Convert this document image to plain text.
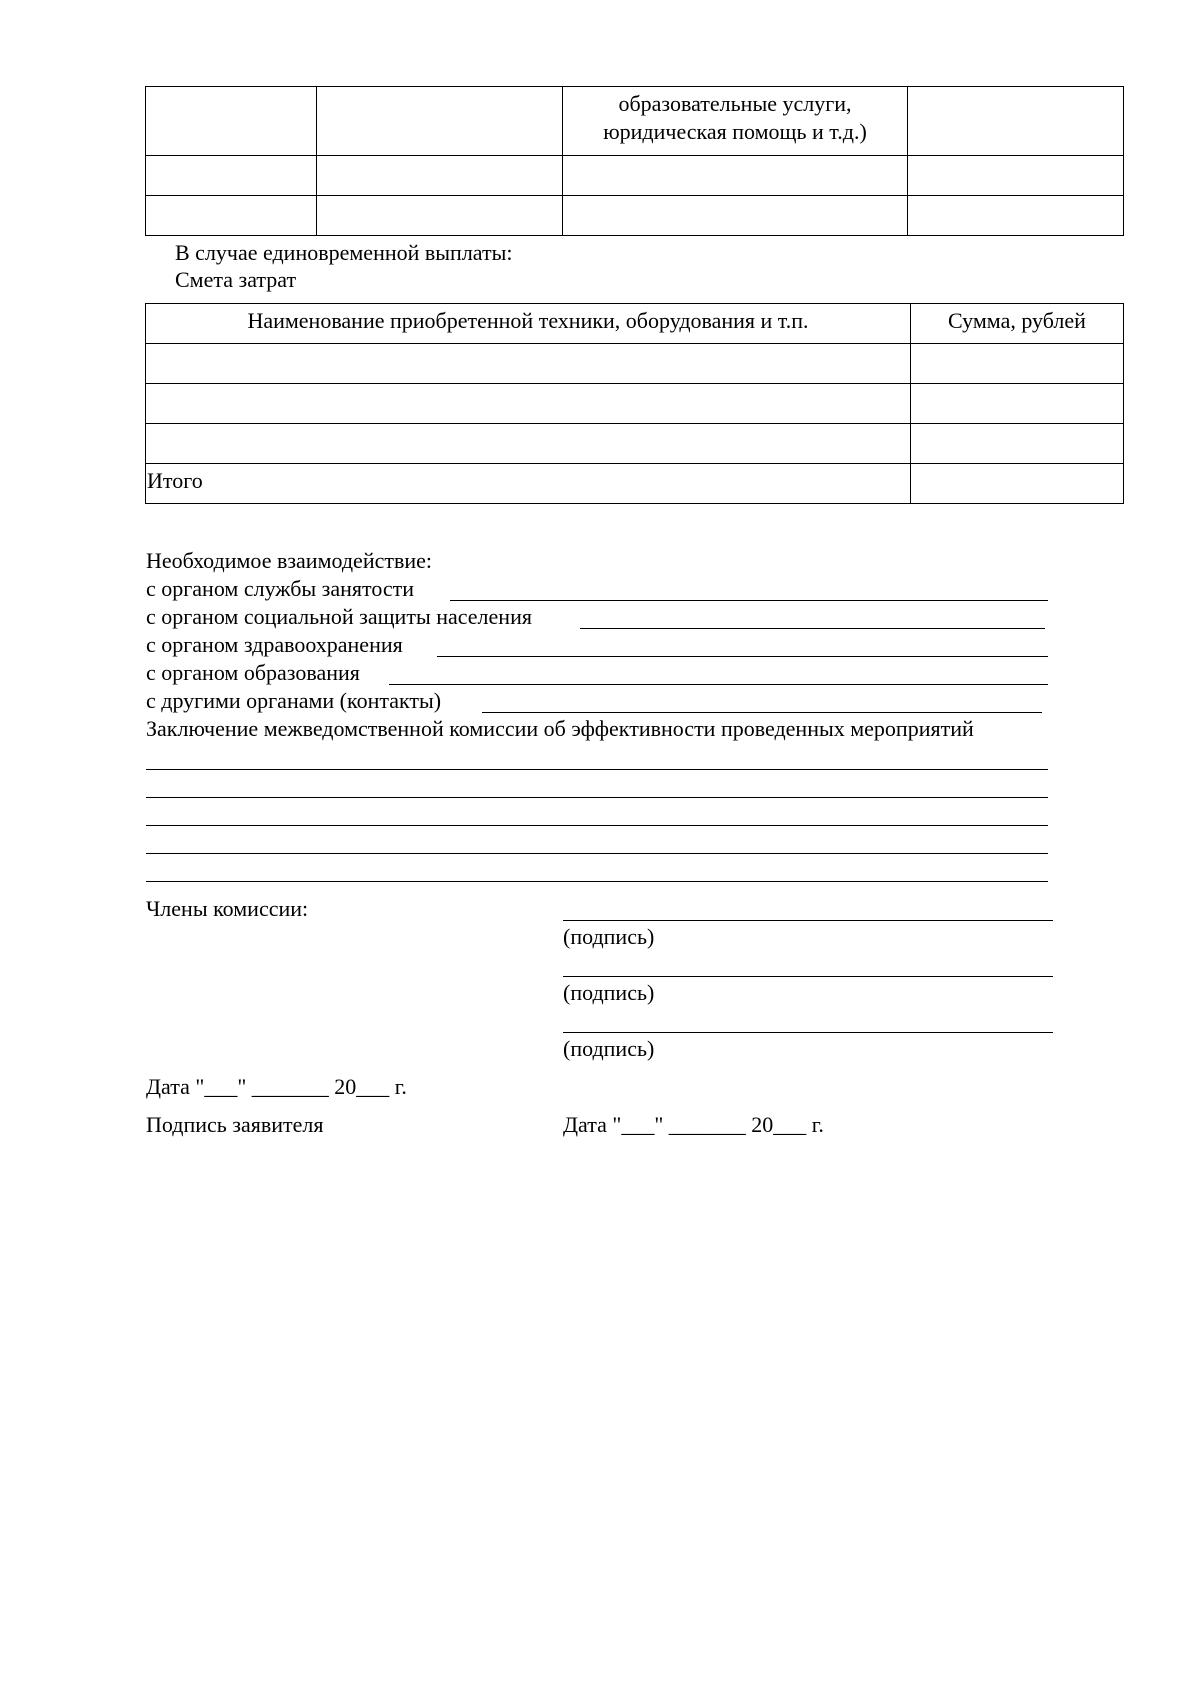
		образовательные услуги,
юридическая помощь и т.д.)	

В случае единовременной выплаты:
Смета затрат
Наименование приобретенной техники, оборудования и т.п.	Сумма, рублей

Итого	
Необходимое взаимодействие:
с органом службы занятости
с органом социальной защиты населения
с органом здравоохранения
с органом образования
с другими органами (контакты)
Заключение межведомственной комиссии об эффективности проведенных мероприятий
Члены комиссии:
(подпись)
(подпись)
(подпись)
Дата "___" _______ 20___ г.
Подпись заявителя	Дата "___" _______ 20___ г.
